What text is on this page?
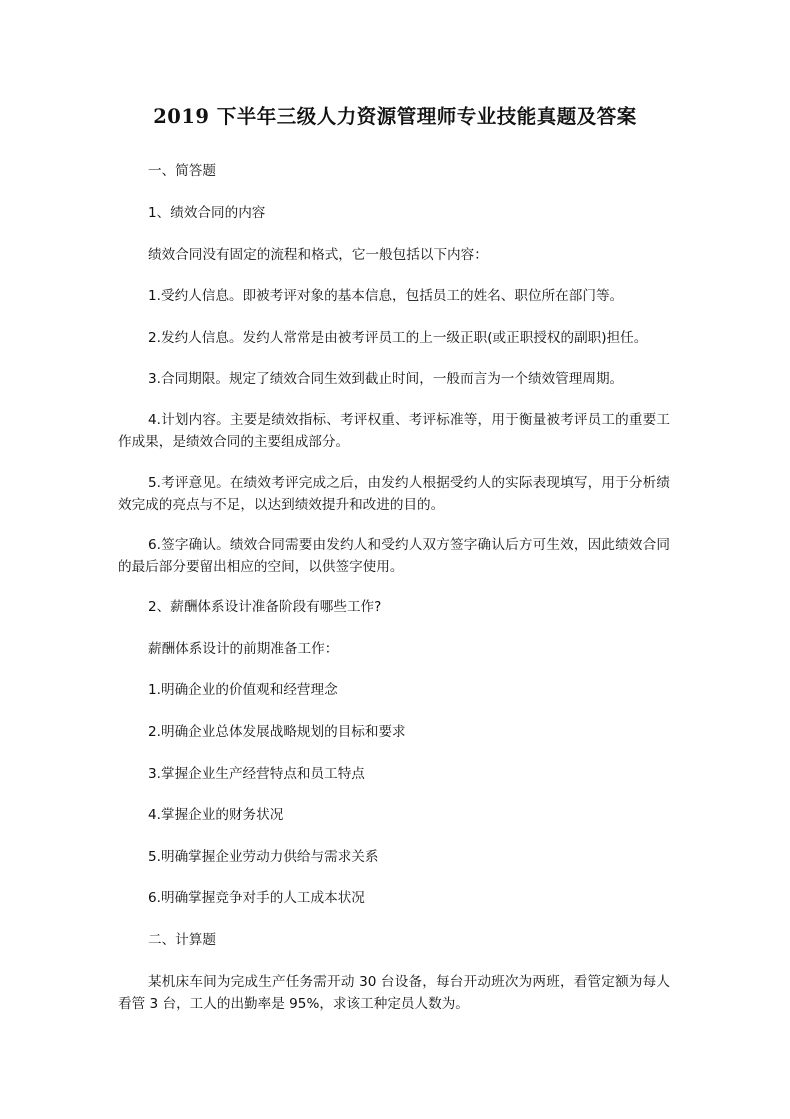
2019 下半年三级人力资源管理师专业技能真题及答案

一、简答题

1、绩效合同的内容

绩效合同没有固定的流程和格式，它一般包括以下内容：

1.受约人信息。即被考评对象的基本信息，包括员工的姓名、职位所在部门等。

2.发约人信息。发约人常常是由被考评员工的上一级正职(或正职授权的副职)担任。

3.合同期限。规定了绩效合同生效到截止时间，一般而言为一个绩效管理周期。

4.计划内容。主要是绩效指标、考评权重、考评标准等，用于衡量被考评员工的重要工作成果，是绩效合同的主要组成部分。

5.考评意见。在绩效考评完成之后，由发约人根据受约人的实际表现填写，用于分析绩效完成的亮点与不足，以达到绩效提升和改进的目的。

6.签字确认。绩效合同需要由发约人和受约人双方签字确认后方可生效，因此绩效合同的最后部分要留出相应的空间，以供签字使用。

2、薪酬体系设计准备阶段有哪些工作?

薪酬体系设计的前期准备工作：

1.明确企业的价值观和经营理念

2.明确企业总体发展战略规划的目标和要求

3.掌握企业生产经营特点和员工特点

4.掌握企业的财务状况

5.明确掌握企业劳动力供给与需求关系

6.明确掌握竞争对手的人工成本状况

二、计算题

某机床车间为完成生产任务需开动 30 台设备，每台开动班次为两班，看管定额为每人看管 3 台，工人的出勤率是 95%，求该工种定员人数为。
